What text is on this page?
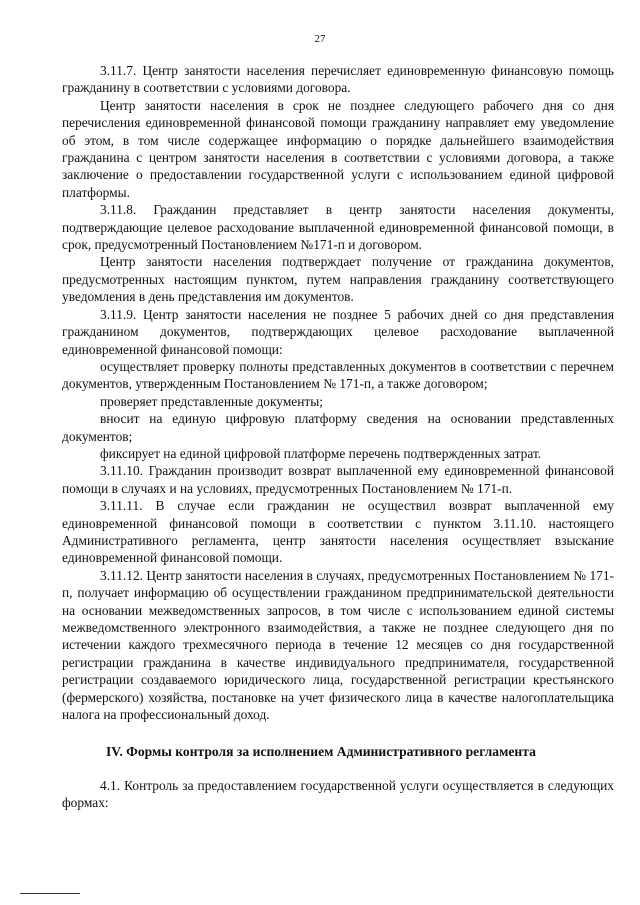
27

3.11.7. Центр занятости населения перечисляет единовременную финансовую помощь гражданину в соответствии с условиями договора.

Центр занятости населения в срок не позднее следующего рабочего дня со дня перечисления единовременной финансовой помощи гражданину направляет ему уведомление об этом, в том числе содержащее информацию о порядке дальнейшего взаимодействия гражданина с центром занятости населения в соответствии с условиями договора, а также заключение о предоставлении государственной услуги с использованием единой цифровой платформы.

3.11.8. Гражданин представляет в центр занятости населения документы, подтверждающие целевое расходование выплаченной единовременной финансовой помощи, в срок, предусмотренный Постановлением №171-п и договором.

Центр занятости населения подтверждает получение от гражданина документов, предусмотренных настоящим пунктом, путем направления гражданину соответствующего уведомления в день представления им документов.

3.11.9. Центр занятости населения не позднее 5 рабочих дней со дня представления гражданином документов, подтверждающих целевое расходование выплаченной единовременной финансовой помощи:

осуществляет проверку полноты представленных документов в соответствии с перечнем документов, утвержденным Постановлением № 171-п, а также договором;

проверяет представленные документы;

вносит на единую цифровую платформу сведения на основании представленных документов;

фиксирует на единой цифровой платформе перечень подтвержденных затрат.

3.11.10. Гражданин производит возврат выплаченной ему единовременной финансовой помощи в случаях и на условиях, предусмотренных Постановлением № 171-п.

3.11.11. В случае если гражданин не осуществил возврат выплаченной ему единовременной финансовой помощи в соответствии с пунктом 3.11.10. настоящего Административного регламента, центр занятости населения осуществляет взыскание единовременной финансовой помощи.

3.11.12. Центр занятости населения в случаях, предусмотренных Постановлением № 171-п, получает информацию об осуществлении гражданином предпринимательской деятельности на основании межведомственных запросов, в том числе с использованием единой системы межведомственного электронного взаимодействия, а также не позднее следующего дня по истечении каждого трехмесячного периода в течение 12 месяцев со дня государственной регистрации гражданина в качестве индивидуального предпринимателя, государственной регистрации создаваемого юридического лица, государственной регистрации крестьянского (фермерского) хозяйства, постановке на учет физического лица в качестве налогоплательщика налога на профессиональный доход.

IV. Формы контроля за исполнением Административного регламента

4.1. Контроль за предоставлением государственной услуги осуществляется в следующих формах:
